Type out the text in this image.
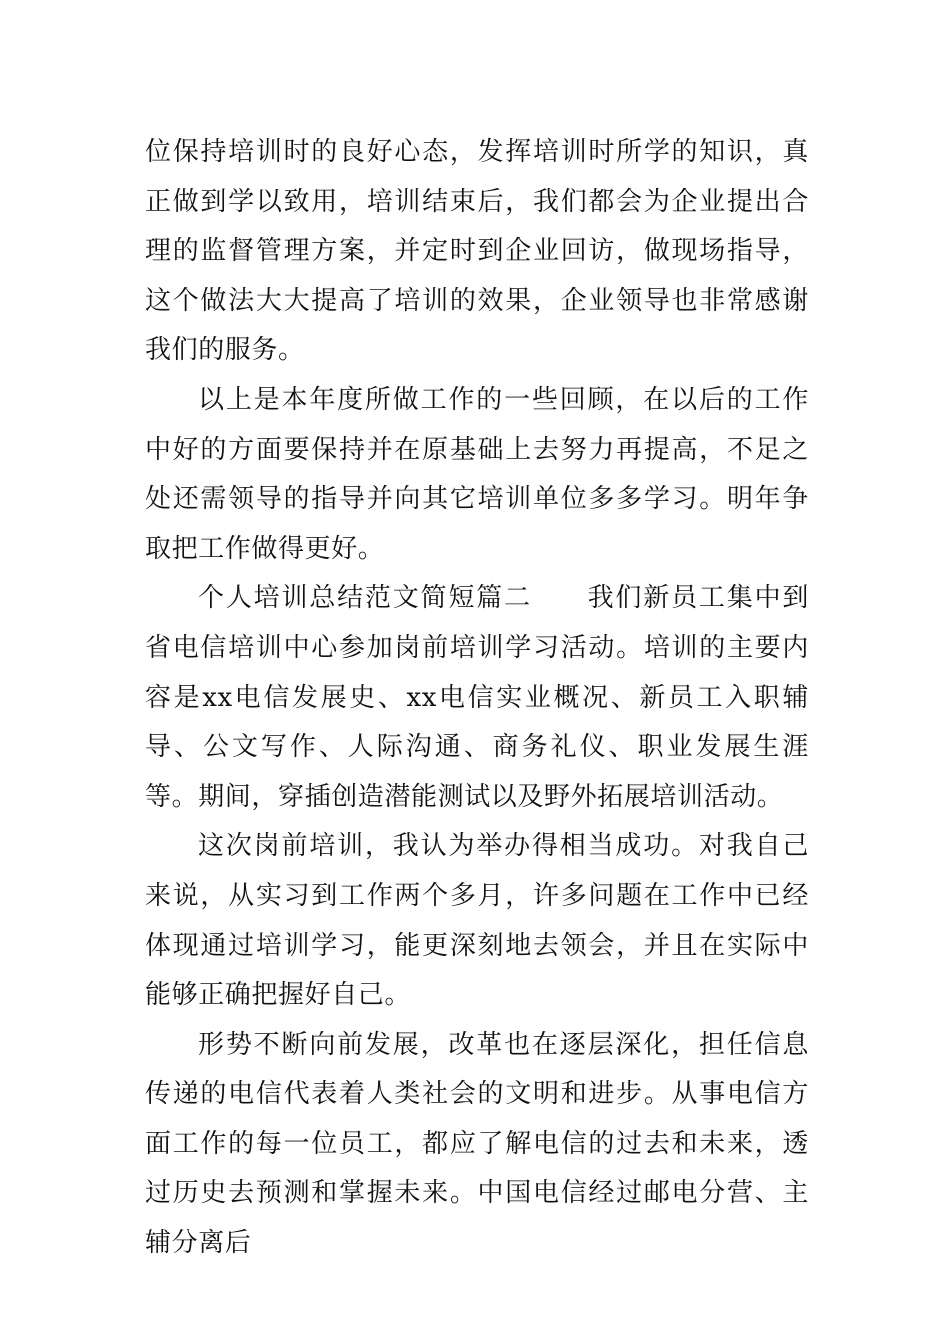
位保持培训时的良好心态，发挥培训时所学的知识，真正做到学以致用，培训结束后，我们都会为企业提出合理的监督管理方案，并定时到企业回访，做现场指导，这个做法大大提高了培训的效果，企业领导也非常感谢我们的服务。

以上是本年度所做工作的一些回顾，在以后的工作中好的方面要保持并在原基础上去努力再提高，不足之处还需领导的指导并向其它培训单位多多学习。明年争取把工作做得更好。

个人培训总结范文简短篇二　　我们新员工集中到省电信培训中心参加岗前培训学习活动。培训的主要内容是xx电信发展史、xx电信实业概况、新员工入职辅导、公文写作、人际沟通、商务礼仪、职业发展生涯等。期间，穿插创造潜能测试以及野外拓展培训活动。

这次岗前培训，我认为举办得相当成功。对我自己来说，从实习到工作两个多月，许多问题在工作中已经体现通过培训学习，能更深刻地去领会，并且在实际中能够正确把握好自己。

形势不断向前发展，改革也在逐层深化，担任信息传递的电信代表着人类社会的文明和进步。从事电信方面工作的每一位员工，都应了解电信的过去和未来，透过历史去预测和掌握未来。中国电信经过邮电分营、主辅分离后
